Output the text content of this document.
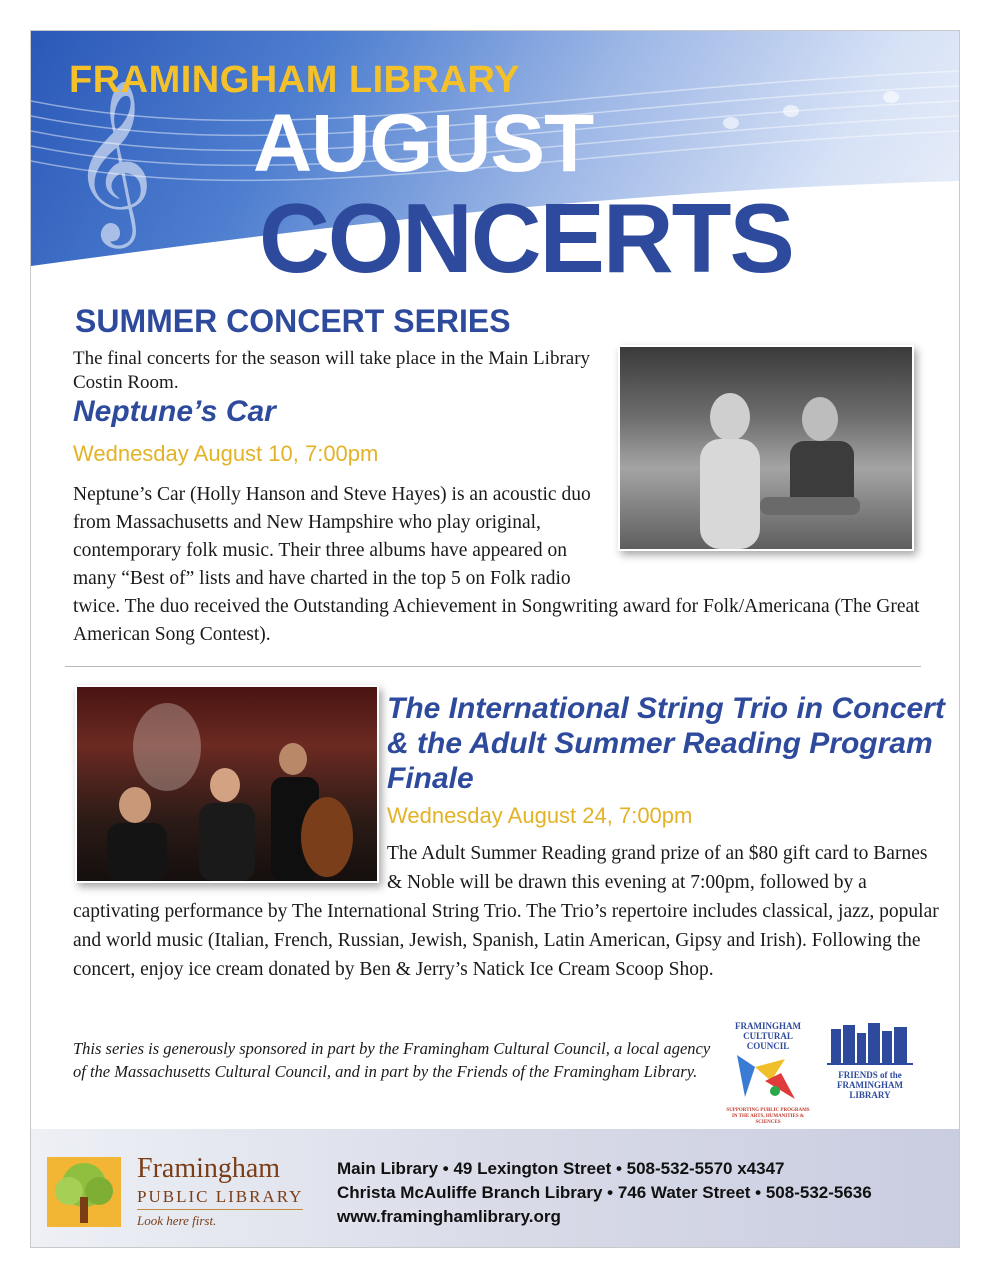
𝄞
FRAMINGHAM LIBRARY
AUGUST
CONCERTS
SUMMER CONCERT SERIES

The final concerts for the season will take place in the Main Library Costin Room.

Neptune’s Car

Wednesday August 10, 7:00pm

Neptune’s Car (Holly Hanson and Steve Hayes) is an acoustic duo from Massachusetts and New Hampshire who play original, contemporary folk music. Their three albums have appeared on many “Best of” lists and have charted in the top 5 on Folk radio twice. The duo received the Outstanding Achievement in Songwriting award for Folk/Americana (The Great American Song Contest).

The International String Trio in Concert & the Adult Summer Reading Program Finale

Wednesday August 24, 7:00pm

The Adult Summer Reading grand prize of an $80 gift card to Barnes & Noble will be drawn this evening at 7:00pm, followed by a captivating performance by The International String Trio. The Trio’s repertoire includes classical, jazz, popular and world music (Italian, French, Russian, Jewish, Spanish, Latin American, Gipsy and Irish). Following the concert, enjoy ice cream donated by Ben & Jerry’s Natick Ice Cream Scoop Shop.

This series is generously sponsored in part by the Framingham Cultural Council, a local agency of the Massachusetts Cultural Council, and in part by the Friends of the Framingham Library.

FRAMINGHAM CULTURAL COUNCIL

SUPPORTING PUBLIC PROGRAMS IN THE ARTS, HUMANITIES & SCIENCES

FRIENDS of the FRAMINGHAM LIBRARY

Framingham

PUBLIC LIBRARY

Look here first.

Main Library • 49 Lexington Street • 508-532-5570 x4347
Christa McAuliffe Branch Library • 746 Water Street • 508-532-5636
www.framinghamlibrary.org
